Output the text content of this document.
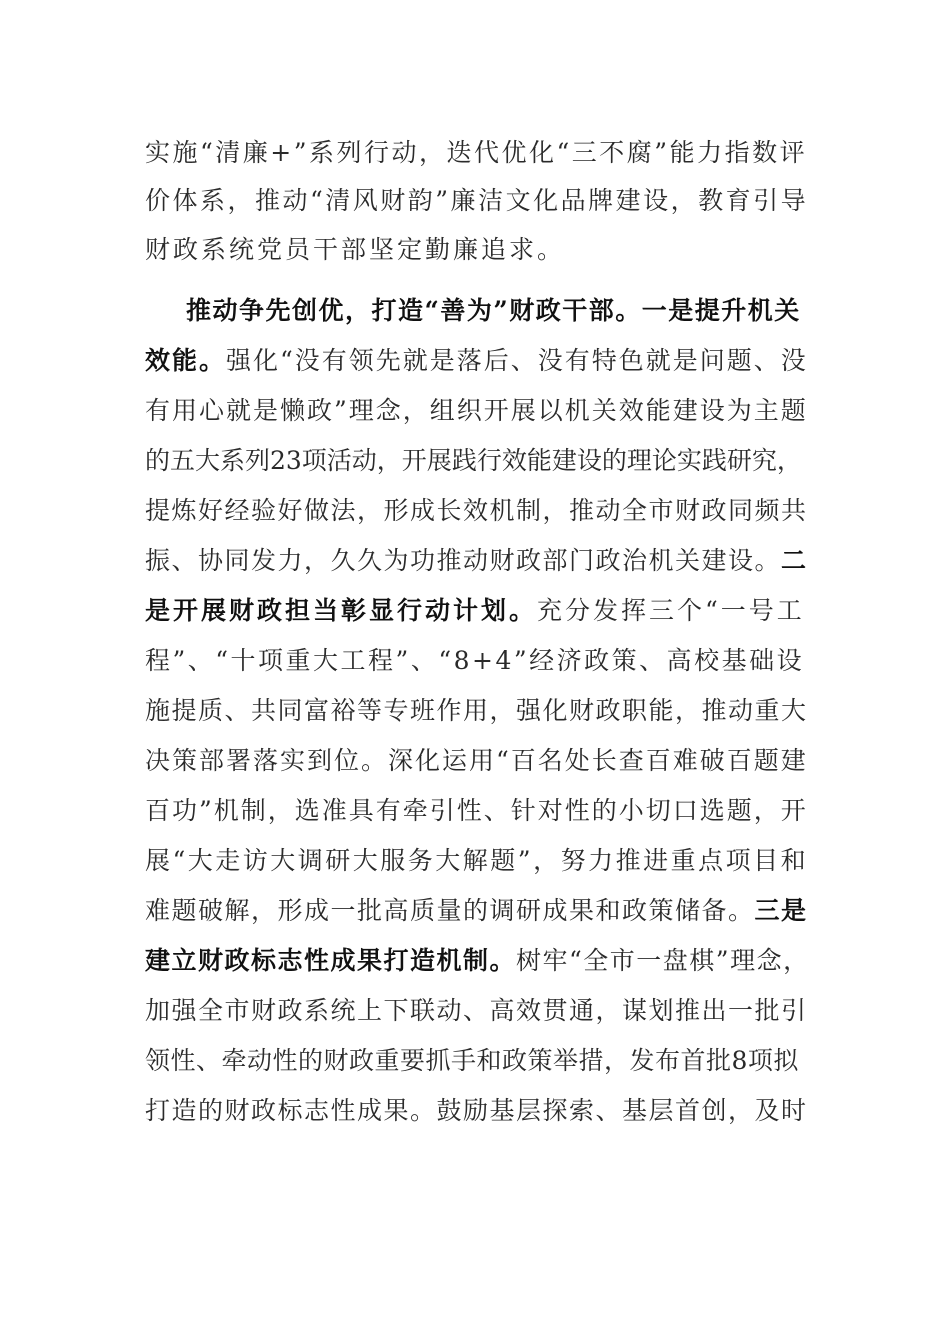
实施“清廉+”系列行动，迭代优化“三不腐”能力指数评
价体系，推动“清风财韵”廉洁文化品牌建设，教育引导
财政系统党员干部坚定勤廉追求。
推动争先创优，打造“善为”财政干部。一是提升机关
效能。强化“没有领先就是落后、没有特色就是问题、没
有用心就是懒政”理念，组织开展以机关效能建设为主题
的五大系列23项活动，开展践行效能建设的理论实践研究，
提炼好经验好做法，形成长效机制，推动全市财政同频共
振、协同发力，久久为功推动财政部门政治机关建设。二
是开展财政担当彰显行动计划。充分发挥三个“一号工
程”、“十项重大工程”、“8+4”经济政策、高校基础设
施提质、共同富裕等专班作用，强化财政职能，推动重大
决策部署落实到位。深化运用“百名处长查百难破百题建
百功”机制，选准具有牵引性、针对性的小切口选题，开
展“大走访大调研大服务大解题”，努力推进重点项目和
难题破解，形成一批高质量的调研成果和政策储备。三是
建立财政标志性成果打造机制。树牢“全市一盘棋”理念，
加强全市财政系统上下联动、高效贯通，谋划推出一批引
领性、牵动性的财政重要抓手和政策举措，发布首批8项拟
打造的财政标志性成果。鼓励基层探索、基层首创，及时
